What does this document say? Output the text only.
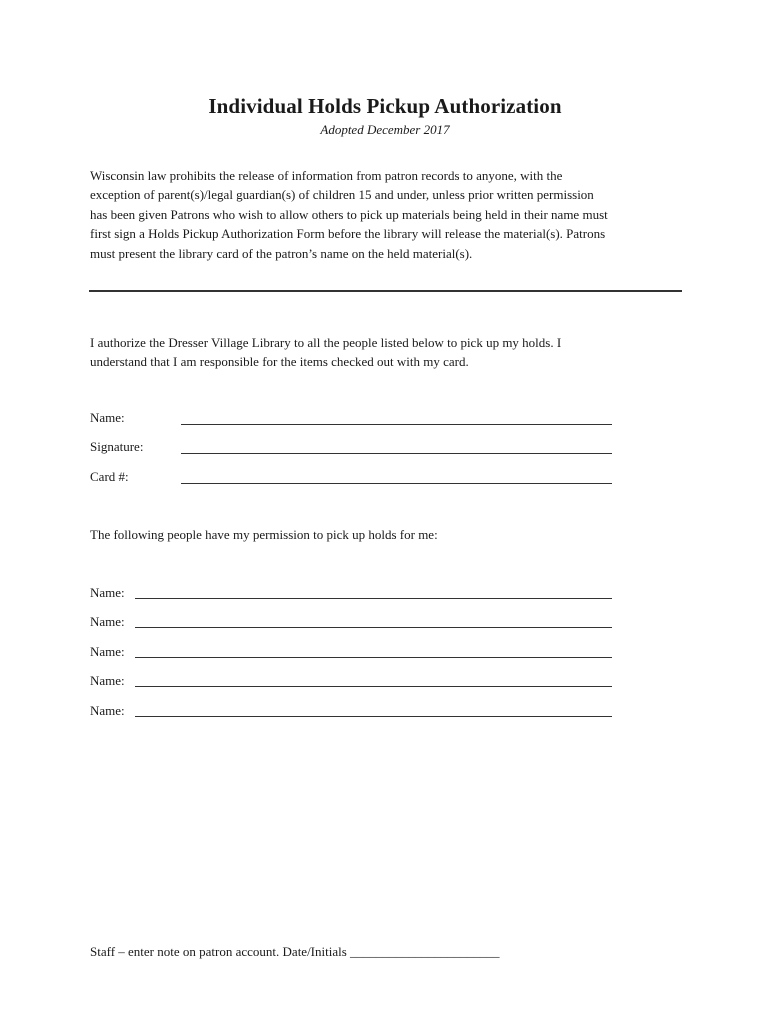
Individual Holds Pickup Authorization
Adopted December 2017
Wisconsin law prohibits the release of information from patron records to anyone, with the
exception of parent(s)/legal guardian(s) of children 15 and under, unless prior written permission
has been given Patrons who wish to allow others to pick up materials being held in their name must
first sign a Holds Pickup Authorization Form before the library will release the material(s). Patrons
must present the library card of the patron’s name on the held material(s).
I authorize the Dresser Village Library to all the people listed below to pick up my holds. I
understand that I am responsible for the items checked out with my card.
Name:
Signature:
Card #:
The following people have my permission to pick up holds for me:
Name:
Name:
Name:
Name:
Name:
Staff – enter note on patron account. Date/Initials _______________________
